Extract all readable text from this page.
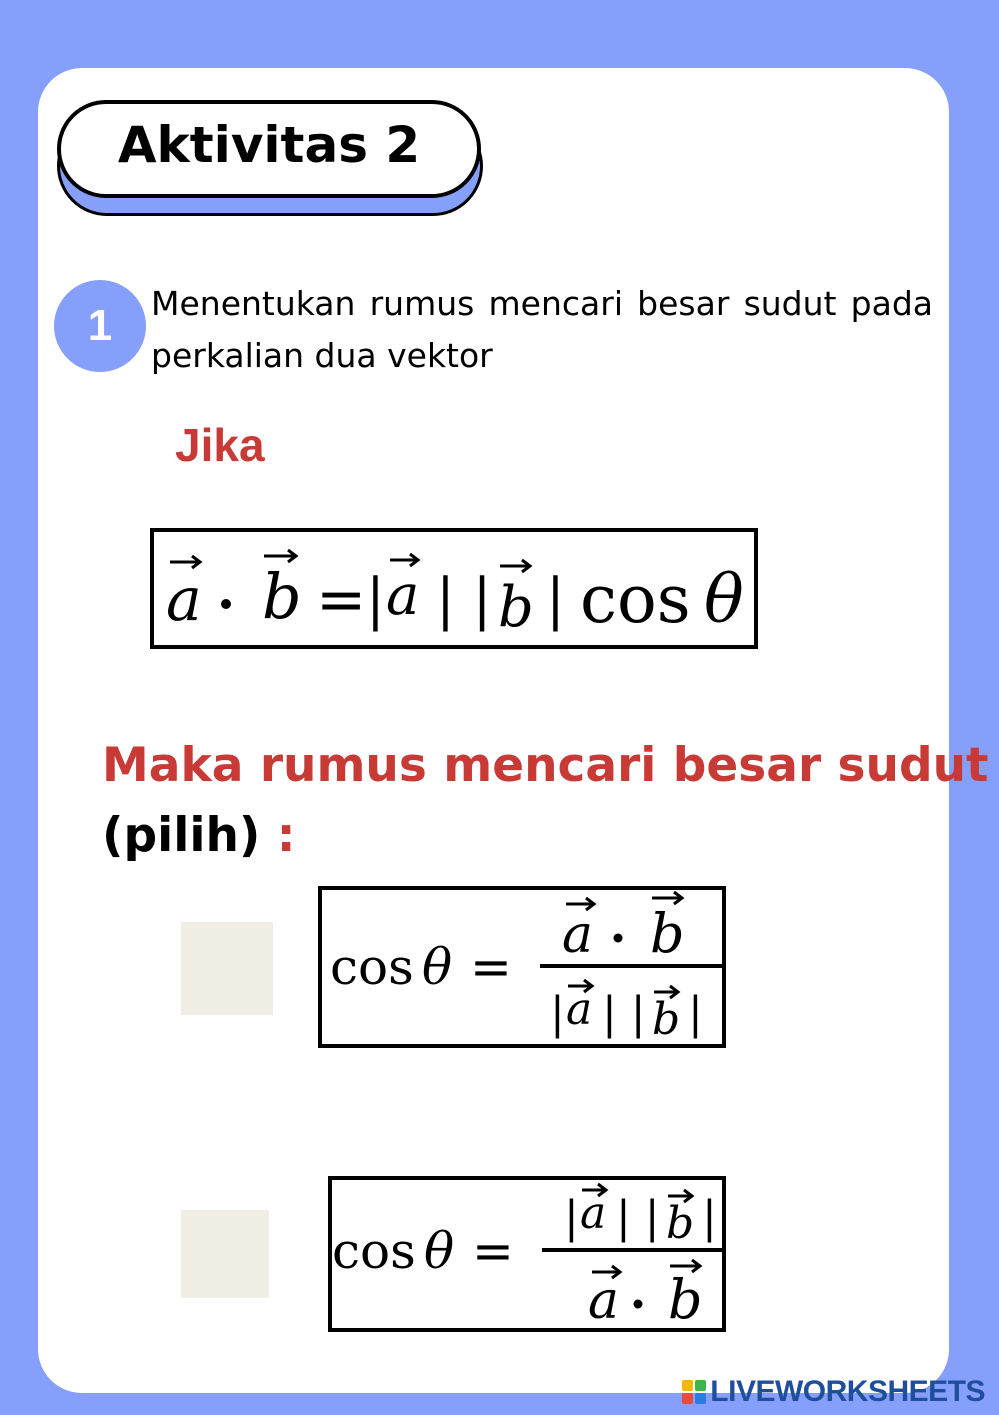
Aktivitas 2
1	Menentukan rumus mencari besar sudut pada perkalian dua vektor
Jika
a b = | a | | b | cos θ
Maka rumus mencari besar sudut
(pilih) :
cos θ =
a b
| a | | b |
cos θ =
| a | | b |
a b
LIVEWORKSHEETS
